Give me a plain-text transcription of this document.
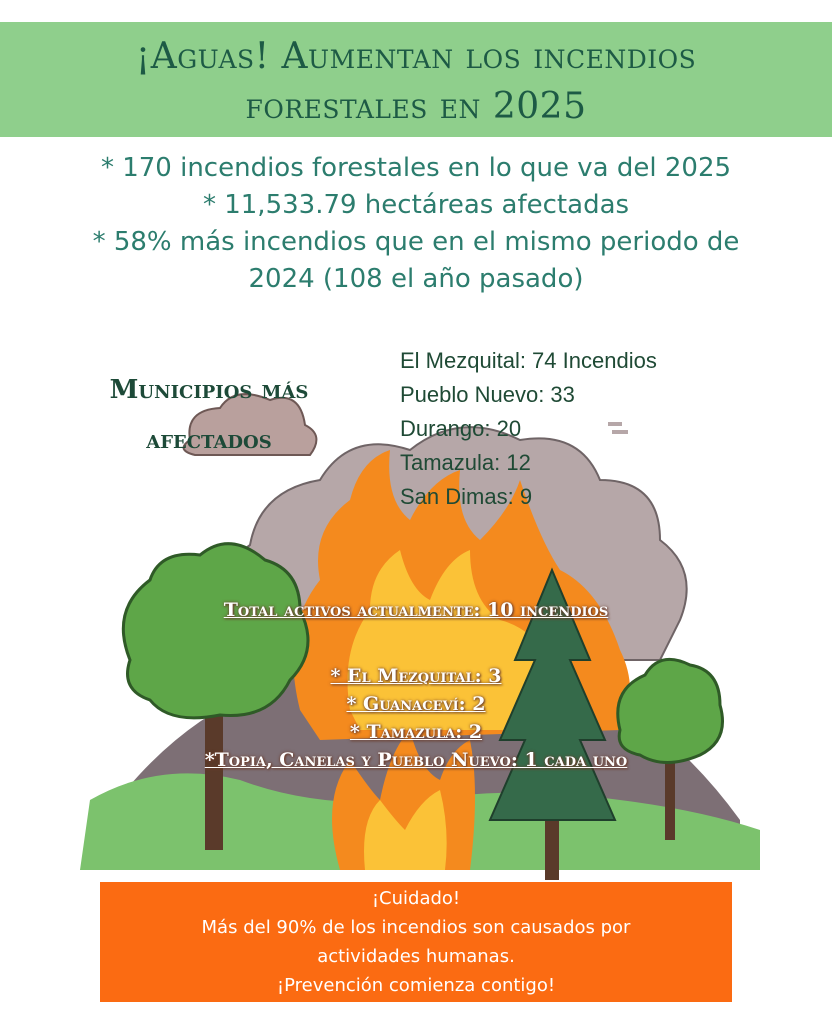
¡Aguas! Aumentan los incendios
forestales en 2025
* 170 incendios forestales en lo que va del 2025
* 11,533.79 hectáreas afectadas
* 58% más incendios que en el mismo periodo de
2024 (108 el año pasado)
Municipios más
afectados
El Mezquital: 74 Incendios
Pueblo Nuevo: 33
Durango: 20
Tamazula: 12
San Dimas: 9
Total activos actualmente: 10 incendios
* El Mezquital: 3
* Guanaceví: 2
* Tamazula: 2
*Topia, Canelas y Pueblo Nuevo: 1 cada uno
¡Cuidado!
Más del 90% de los incendios son causados por
actividades humanas.
¡Prevención comienza contigo!
